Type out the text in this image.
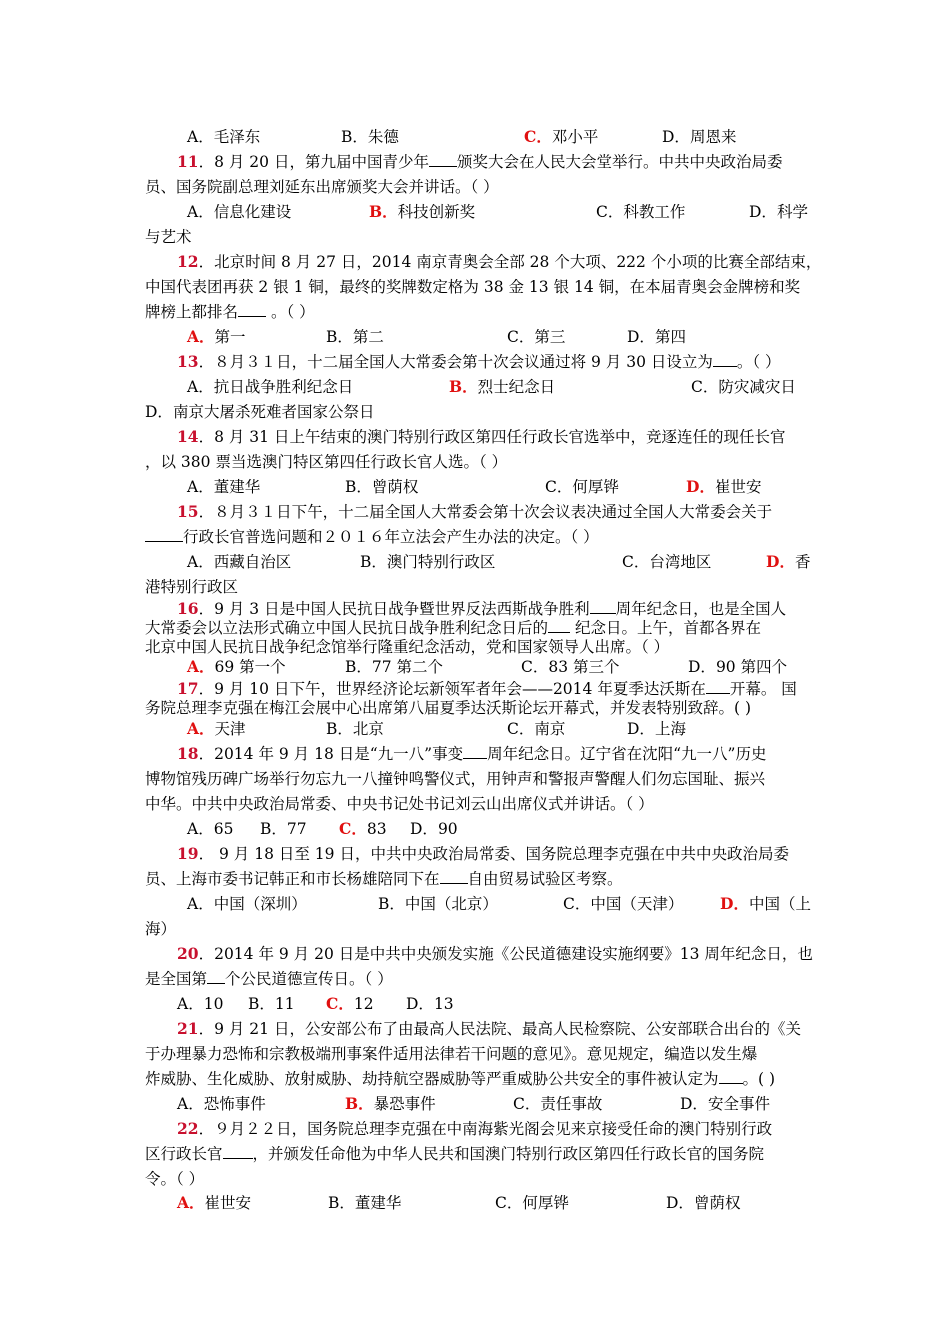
A．毛泽东	B．朱德	C．邓小平	D．周恩来
11．8 月 20 日，第九届中国青少年 颁奖大会在人民大会堂举行。中共中央政治局委
员、国务院副总理刘延东出席颁奖大会并讲话。（ ）
A．信息化建设	B．科技创新奖	C．科教工作	D．科学
与艺术
12．北京时间 8 月 27 日，2014 南京青奥会全部 28 个大项、222 个小项的比赛全部结束，
中国代表团再获 2 银 1 铜，最终的奖牌数定格为 38 金 13 银 14 铜，在本届青奥会金牌榜和奖
牌榜上都排名 。（ ）
A．第一	B．第二	C．第三	D．第四
13．８月３１日，十二届全国人大常委会第十次会议通过将 9 月 30 日设立为 。（ ）
A．抗日战争胜利纪念日	B．烈士纪念日	C．防灾减灾日
D．南京大屠杀死难者国家公祭日
14．8 月 31 日上午结束的澳门特别行政区第四任行政长官选举中，竞逐连任的现任长官
，以 380 票当选澳门特区第四任行政长官人选。（ ）
A．董建华	B．曾荫权	C．何厚铧	D．崔世安
15．８月３１日下午，十二届全国人大常委会第十次会议表决通过全国人大常委会关于
行政长官普选问题和２０１６年立法会产生办法的决定。（ ）
A．西藏自治区	B．澳门特别行政区	C．台湾地区	D．香
港特别行政区
16．9 月 3 日是中国人民抗日战争暨世界反法西斯战争胜利 周年纪念日，也是全国人
大常委会以立法形式确立中国人民抗日战争胜利纪念日后的 纪念日。上午，首都各界在
北京中国人民抗日战争纪念馆举行隆重纪念活动，党和国家领导人出席。（ ）
A．69 第一个	B．77 第二个	C．83 第三个	D．90 第四个
17．9 月 10 日下午，世界经济论坛新领军者年会——2014 年夏季达沃斯在 开幕。 国
务院总理李克强在梅江会展中心出席第八届夏季达沃斯论坛开幕式，并发表特别致辞。( )
A．天津	B．北京	C．南京	D．上海
18．2014 年 9 月 18 日是“九一八”事变 周年纪念日。辽宁省在沈阳“九一八”历史
博物馆残历碑广场举行勿忘九一八撞钟鸣警仪式，用钟声和警报声警醒人们勿忘国耻、振兴
中华。中共中央政治局常委、中央书记处书记刘云山出席仪式并讲话。（ ）
A．65 B．77 C．83 D．90
19． 9 月 18 日至 19 日，中共中央政治局常委、国务院总理李克强在中共中央政治局委
员、上海市委书记韩正和市长杨雄陪同下在 自由贸易试验区考察。
A．中国（深圳）	B．中国（北京）	C．中国（天津） D．中国（上
海）
20．2014 年 9 月 20 日是中共中央颁发实施《公民道德建设实施纲要》13 周年纪念日，也
是全国第 个公民道德宣传日。（ ）
A．10 B．11 C．12 D．13
21．9 月 21 日，公安部公布了由最高人民法院、最高人民检察院、公安部联合出台的《关
于办理暴力恐怖和宗教极端刑事案件适用法律若干问题的意见》。意见规定，编造以发生爆
炸威胁、生化威胁、放射威胁、劫持航空器威胁等严重威胁公共安全的事件被认定为 。( )
A．恐怖事件	B．暴恐事件	C．责任事故	D．安全事件
22．９月２２日，国务院总理李克强在中南海紫光阁会见来京接受任命的澳门特别行政
区行政长官 ，并颁发任命他为中华人民共和国澳门特别行政区第四任行政长官的国务院
令。（ ）
A．崔世安	B．董建华	C．何厚铧	D．曾荫权
